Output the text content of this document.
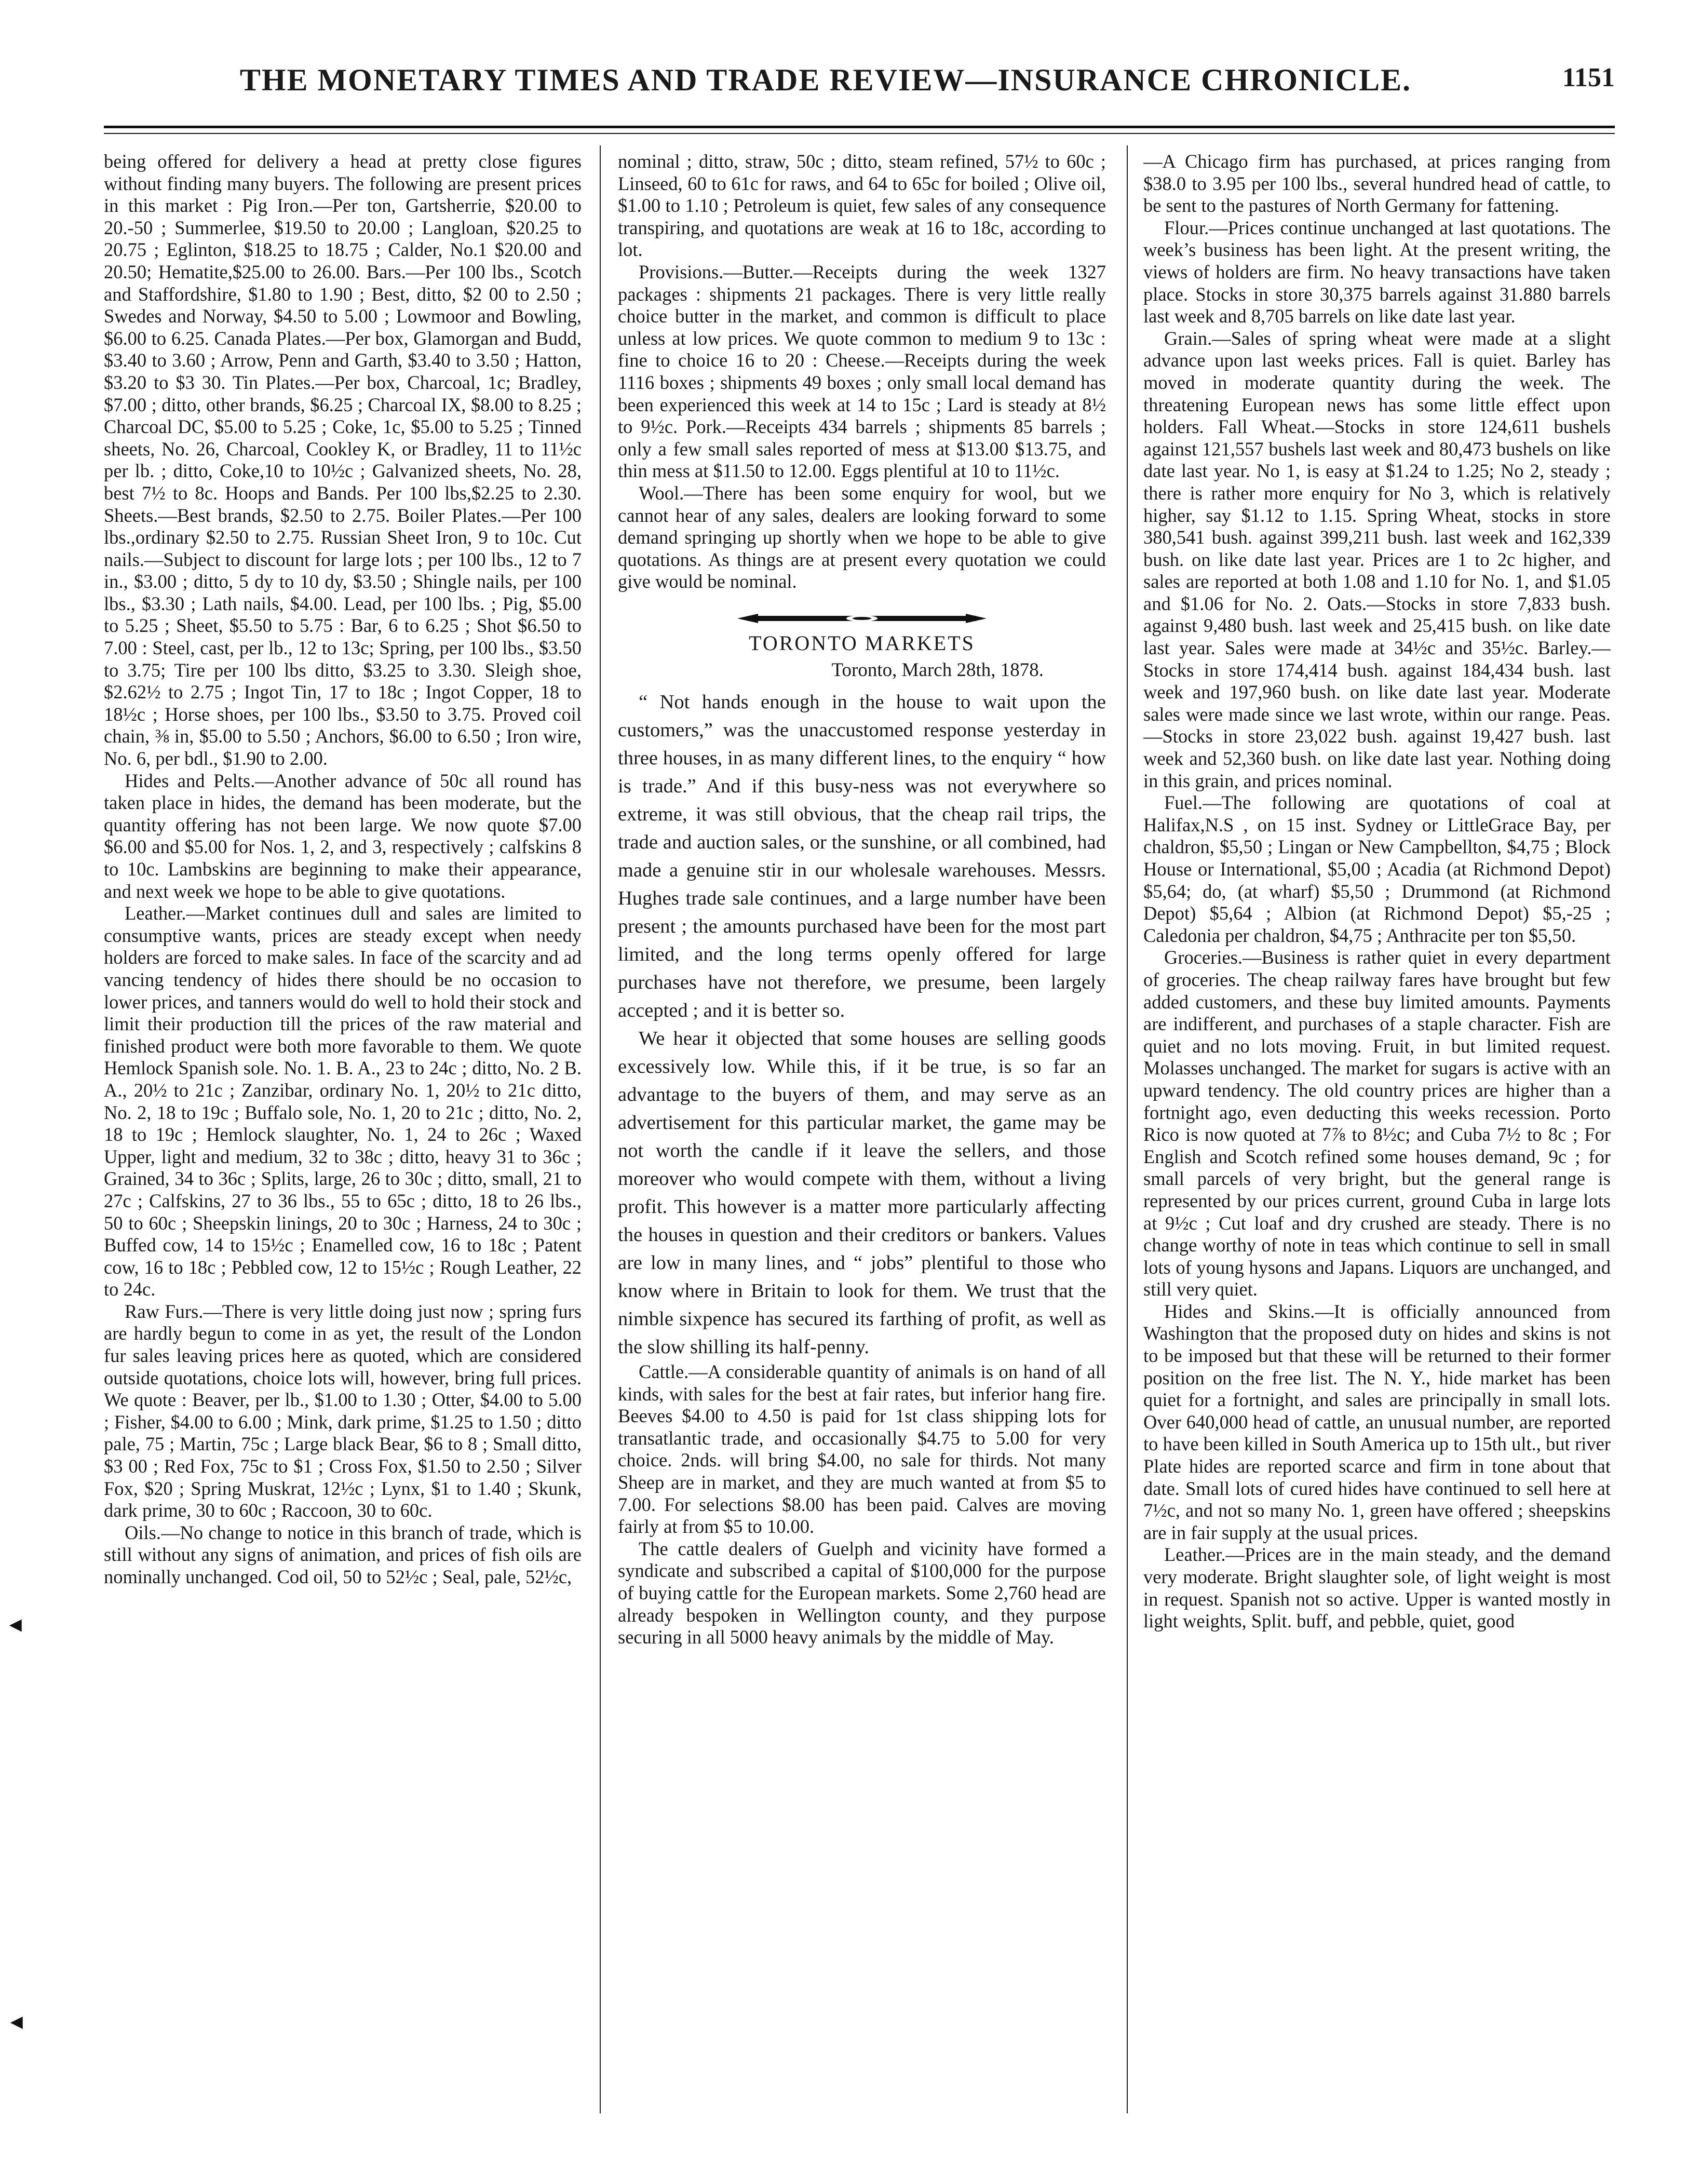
THE MONETARY TIMES AND TRADE REVIEW—INSURANCE CHRONICLE.	1151

being offered for delivery a head at pretty close figures without finding many buyers. The following are present prices in this market : Pig Iron.—Per ton, Gartsherrie, $20.00 to 20.-50 ; Summerlee, $19.50 to 20.00 ; Langloan, $20.25 to 20.75 ; Eglinton, $18.25 to 18.75 ; Calder, No.1 $20.00 and 20.50; Hematite,$25.00 to 26.00. Bars.—Per 100 lbs., Scotch and Staffordshire, $1.80 to 1.90 ; Best, ditto, $2 00 to 2.50 ; Swedes and Norway, $4.50 to 5.00 ; Lowmoor and Bowling, $6.00 to 6.25. Canada Plates.—Per box, Glamorgan and Budd, $3.40 to 3.60 ; Arrow, Penn and Garth, $3.40 to 3.50 ; Hatton, $3.20 to $3 30. Tin Plates.—Per box, Charcoal, 1c; Bradley, $7.00 ; ditto, other brands, $6.25 ; Charcoal IX, $8.00 to 8.25 ; Charcoal DC, $5.00 to 5.25 ; Coke, 1c, $5.00 to 5.25 ; Tinned sheets, No. 26, Charcoal, Cookley K, or Bradley, 11 to 11½c per lb. ; ditto, Coke,10 to 10½c ; Galvanized sheets, No. 28, best 7½ to 8c. Hoops and Bands. Per 100 lbs,$2.25 to 2.30. Sheets.—Best brands, $2.50 to 2.75. Boiler Plates.—Per 100 lbs.,ordinary $2.50 to 2.75. Russian Sheet Iron, 9 to 10c. Cut nails.—Subject to discount for large lots ; per 100 lbs., 12 to 7 in., $3.00 ; ditto, 5 dy to 10 dy, $3.50 ; Shingle nails, per 100 lbs., $3.30 ; Lath nails, $4.00. Lead, per 100 lbs. ; Pig, $5.00 to 5.25 ; Sheet, $5.50 to 5.75 : Bar, 6 to 6.25 ; Shot $6.50 to 7.00 : Steel, cast, per lb., 12 to 13c; Spring, per 100 lbs., $3.50 to 3.75; Tire per 100 lbs ditto, $3.25 to 3.30. Sleigh shoe, $2.62½ to 2.75 ; Ingot Tin, 17 to 18c ; Ingot Copper, 18 to 18½c ; Horse shoes, per 100 lbs., $3.50 to 3.75. Proved coil chain, ⅜ in, $5.00 to 5.50 ; Anchors, $6.00 to 6.50 ; Iron wire, No. 6, per bdl., $1.90 to 2.00.

Hides and Pelts.—Another advance of 50c all round has taken place in hides, the demand has been moderate, but the quantity offering has not been large. We now quote $7.00 $6.00 and $5.00 for Nos. 1, 2, and 3, respectively ; calfskins 8 to 10c. Lambskins are beginning to make their appearance, and next week we hope to be able to give quotations.

Leather.—Market continues dull and sales are limited to consumptive wants, prices are steady except when needy holders are forced to make sales. In face of the scarcity and ad vancing tendency of hides there should be no occasion to lower prices, and tanners would do well to hold their stock and limit their production till the prices of the raw material and finished product were both more favorable to them. We quote Hemlock Spanish sole. No. 1. B. A., 23 to 24c ; ditto, No. 2 B. A., 20½ to 21c ; Zanzibar, ordinary No. 1, 20½ to 21c ditto, No. 2, 18 to 19c ; Buffalo sole, No. 1, 20 to 21c ; ditto, No. 2, 18 to 19c ; Hemlock slaughter, No. 1, 24 to 26c ; Waxed Upper, light and medium, 32 to 38c ; ditto, heavy 31 to 36c ; Grained, 34 to 36c ; Splits, large, 26 to 30c ; ditto, small, 21 to 27c ; Calfskins, 27 to 36 lbs., 55 to 65c ; ditto, 18 to 26 lbs., 50 to 60c ; Sheepskin linings, 20 to 30c ; Harness, 24 to 30c ; Buffed cow, 14 to 15½c ; Enamelled cow, 16 to 18c ; Patent cow, 16 to 18c ; Pebbled cow, 12 to 15½c ; Rough Leather, 22 to 24c.

Raw Furs.—There is very little doing just now ; spring furs are hardly begun to come in as yet, the result of the London fur sales leaving prices here as quoted, which are considered outside quotations, choice lots will, however, bring full prices. We quote : Beaver, per lb., $1.00 to 1.30 ; Otter, $4.00 to 5.00 ; Fisher, $4.00 to 6.00 ; Mink, dark prime, $1.25 to 1.50 ; ditto pale, 75 ; Martin, 75c ; Large black Bear, $6 to 8 ; Small ditto, $3 00 ; Red Fox, 75c to $1 ; Cross Fox, $1.50 to 2.50 ; Silver Fox, $20 ; Spring Muskrat, 12½c ; Lynx, $1 to 1.40 ; Skunk, dark prime, 30 to 60c ; Raccoon, 30 to 60c.

Oils.—No change to notice in this branch of trade, which is still without any signs of animation, and prices of fish oils are nominally unchanged. Cod oil, 50 to 52½c ; Seal, pale, 52½c,

nominal ; ditto, straw, 50c ; ditto, steam refined, 57½ to 60c ; Linseed, 60 to 61c for raws, and 64 to 65c for boiled ; Olive oil, $1.00 to 1.10 ; Petroleum is quiet, few sales of any consequence transpiring, and quotations are weak at 16 to 18c, according to lot.

Provisions.—Butter.—Receipts during the week 1327 packages : shipments 21 packages. There is very little really choice butter in the market, and common is difficult to place unless at low prices. We quote common to medium 9 to 13c : fine to choice 16 to 20 : Cheese.—Receipts during the week 1116 boxes ; shipments 49 boxes ; only small local demand has been experienced this week at 14 to 15c ; Lard is steady at 8½ to 9½c. Pork.—Receipts 434 barrels ; shipments 85 barrels ; only a few small sales reported of mess at $13.00 $13.75, and thin mess at $11.50 to 12.00. Eggs plentiful at 10 to 11½c.

Wool.—There has been some enquiry for wool, but we cannot hear of any sales, dealers are looking forward to some demand springing up shortly when we hope to be able to give quotations. As things are at present every quotation we could give would be nominal.

TORONTO MARKETS
Toronto, March 28th, 1878.

“ Not hands enough in the house to wait upon the customers,” was the unaccustomed response yesterday in three houses, in as many different lines, to the enquiry “ how is trade.” And if this busy-ness was not everywhere so extreme, it was still obvious, that the cheap rail trips, the trade and auction sales, or the sunshine, or all combined, had made a genuine stir in our wholesale warehouses. Messrs. Hughes trade sale continues, and a large number have been present ; the amounts purchased have been for the most part limited, and the long terms openly offered for large purchases have not therefore, we presume, been largely accepted ; and it is better so.

We hear it objected that some houses are selling goods excessively low. While this, if it be true, is so far an advantage to the buyers of them, and may serve as an advertisement for this particular market, the game may be not worth the candle if it leave the sellers, and those moreover who would compete with them, without a living profit. This however is a matter more particularly affecting the houses in question and their creditors or bankers. Values are low in many lines, and “ jobs” plentiful to those who know where in Britain to look for them. We trust that the nimble sixpence has secured its farthing of profit, as well as the slow shilling its half-penny.

Cattle.—A considerable quantity of animals is on hand of all kinds, with sales for the best at fair rates, but inferior hang fire. Beeves $4.00 to 4.50 is paid for 1st class shipping lots for transatlantic trade, and occasionally $4.75 to 5.00 for very choice. 2nds. will bring $4.00, no sale for thirds. Not many Sheep are in market, and they are much wanted at from $5 to 7.00. For selections $8.00 has been paid. Calves are moving fairly at from $5 to 10.00.

The cattle dealers of Guelph and vicinity have formed a syndicate and subscribed a capital of $100,000 for the purpose of buying cattle for the European markets. Some 2,760 head are already bespoken in Wellington county, and they purpose securing in all 5000 heavy animals by the middle of May.

—A Chicago firm has purchased, at prices ranging from $38.0 to 3.95 per 100 lbs., several hundred head of cattle, to be sent to the pastures of North Germany for fattening.

Flour.—Prices continue unchanged at last quotations. The week’s business has been light. At the present writing, the views of holders are firm. No heavy transactions have taken place. Stocks in store 30,375 barrels against 31.880 barrels last week and 8,705 barrels on like date last year.

Grain.—Sales of spring wheat were made at a slight advance upon last weeks prices. Fall is quiet. Barley has moved in moderate quantity during the week. The threatening European news has some little effect upon holders. Fall Wheat.—Stocks in store 124,611 bushels against 121,557 bushels last week and 80,473 bushels on like date last year. No 1, is easy at $1.24 to 1.25; No 2, steady ; there is rather more enquiry for No 3, which is relatively higher, say $1.12 to 1.15. Spring Wheat, stocks in store 380,541 bush. against 399,211 bush. last week and 162,339 bush. on like date last year. Prices are 1 to 2c higher, and sales are reported at both 1.08 and 1.10 for No. 1, and $1.05 and $1.06 for No. 2. Oats.—Stocks in store 7,833 bush. against 9,480 bush. last week and 25,415 bush. on like date last year. Sales were made at 34½c and 35½c. Barley.—Stocks in store 174,414 bush. against 184,434 bush. last week and 197,960 bush. on like date last year. Moderate sales were made since we last wrote, within our range. Peas.—Stocks in store 23,022 bush. against 19,427 bush. last week and 52,360 bush. on like date last year. Nothing doing in this grain, and prices nominal.

Fuel.—The following are quotations of coal at Halifax,N.S , on 15 inst. Sydney or LittleGrace Bay, per chaldron, $5,50 ; Lingan or New Campbellton, $4,75 ; Block House or International, $5,00 ; Acadia (at Richmond Depot) $5,64; do, (at wharf) $5,50 ; Drummond (at Richmond Depot) $5,64 ; Albion (at Richmond Depot) $5,-25 ; Caledonia per chaldron, $4,75 ; Anthracite per ton $5,50.

Groceries.—Business is rather quiet in every department of groceries. The cheap railway fares have brought but few added customers, and these buy limited amounts. Payments are indifferent, and purchases of a staple character. Fish are quiet and no lots moving. Fruit, in but limited request. Molasses unchanged. The market for sugars is active with an upward tendency. The old country prices are higher than a fortnight ago, even deducting this weeks recession. Porto Rico is now quoted at 7⅞ to 8½c; and Cuba 7½ to 8c ; For English and Scotch refined some houses demand, 9c ; for small parcels of very bright, but the general range is represented by our prices current, ground Cuba in large lots at 9½c ; Cut loaf and dry crushed are steady. There is no change worthy of note in teas which continue to sell in small lots of young hysons and Japans. Liquors are unchanged, and still very quiet.

Hides and Skins.—It is officially announced from Washington that the proposed duty on hides and skins is not to be imposed but that these will be returned to their former position on the free list. The N. Y., hide market has been quiet for a fortnight, and sales are principally in small lots. Over 640,000 head of cattle, an unusual number, are reported to have been killed in South America up to 15th ult., but river Plate hides are reported scarce and firm in tone about that date. Small lots of cured hides have continued to sell here at 7½c, and not so many No. 1, green have offered ; sheepskins are in fair supply at the usual prices.

Leather.—Prices are in the main steady, and the demand very moderate. Bright slaughter sole, of light weight is most in request. Spanish not so active. Upper is wanted mostly in light weights, Split. buff, and pebble, quiet, good

◄
◄
